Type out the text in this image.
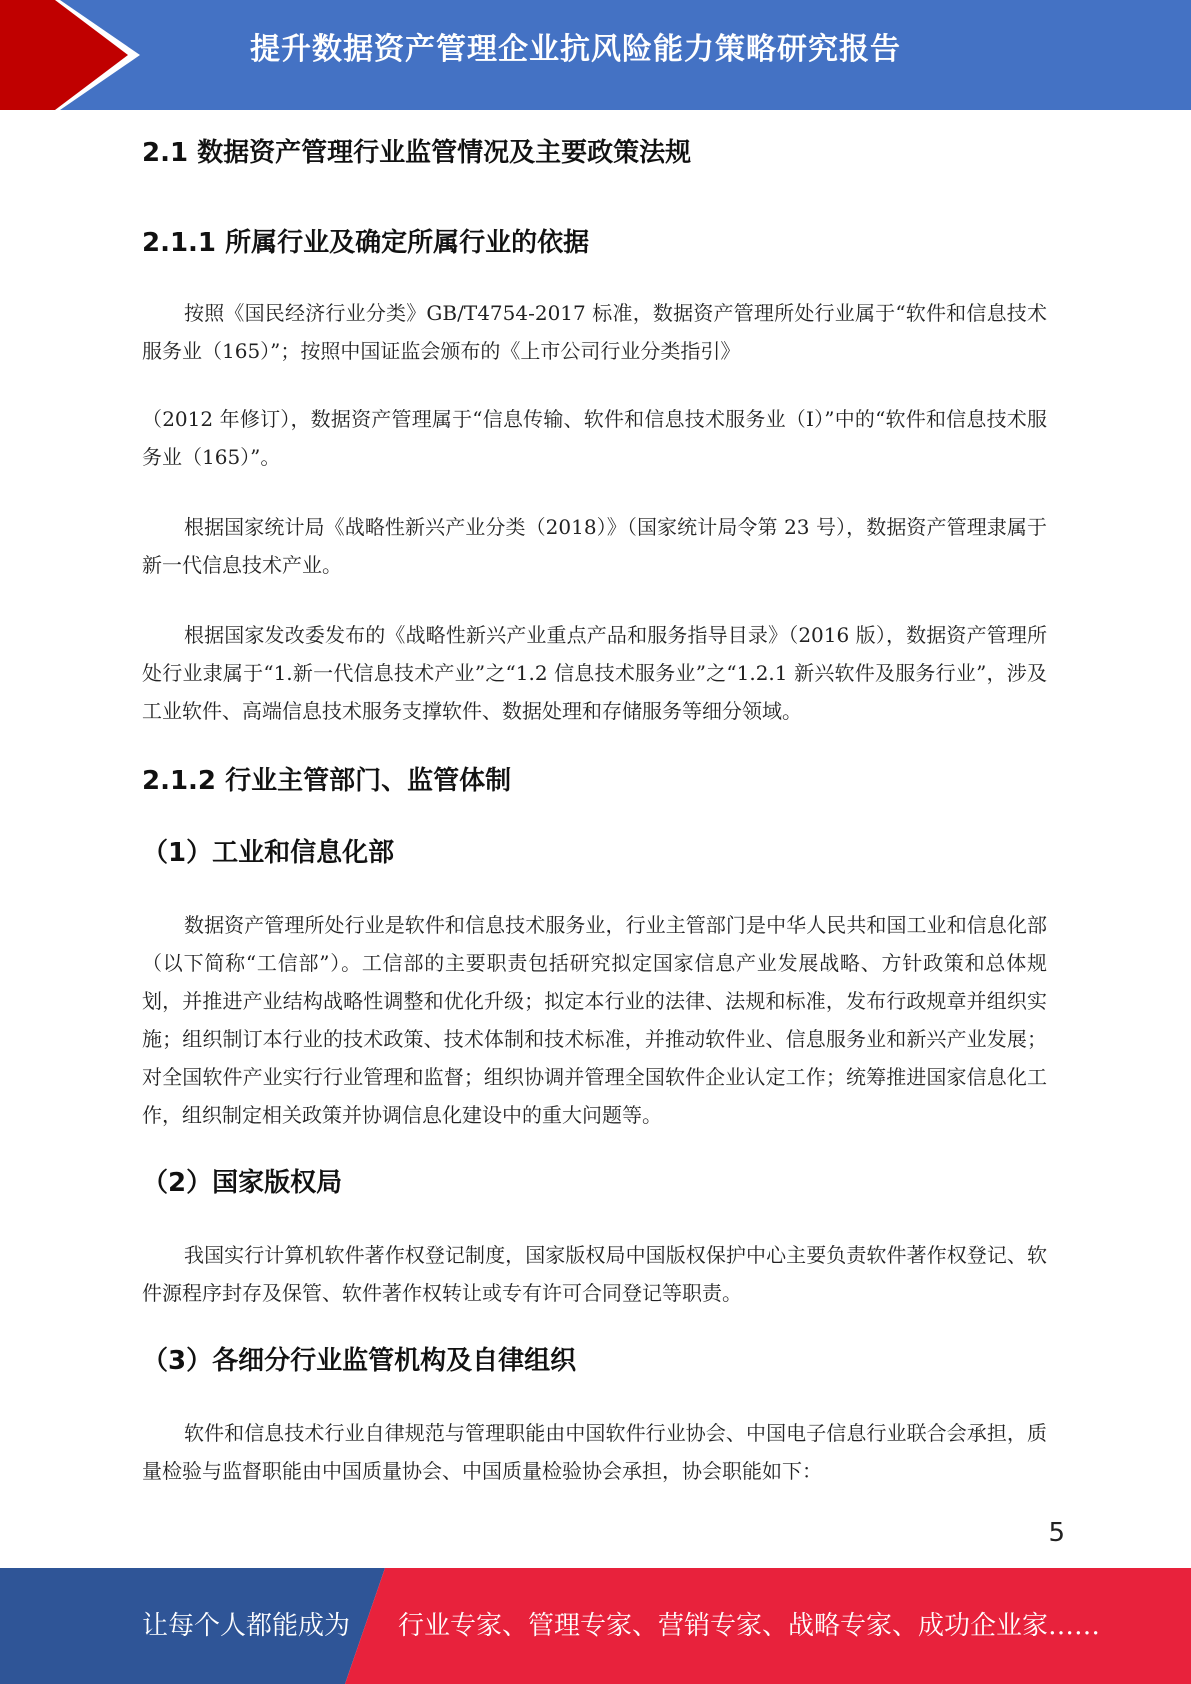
提升数据资产管理企业抗风险能力策略研究报告
2.1 数据资产管理行业监管情况及主要政策法规
2.1.1 所属行业及确定所属行业的依据

按照《国民经济行业分类》GB/T4754-2017 标准，数据资产管理所处行业属于“软件和信息技术服务业（165）”；按照中国证监会颁布的《上市公司行业分类指引》

（2012 年修订），数据资产管理属于“信息传输、软件和信息技术服务业（I）”中的“软件和信息技术服务业（165）”。

根据国家统计局《战略性新兴产业分类（2018）》（国家统计局令第 23 号），数据资产管理隶属于新一代信息技术产业。

根据国家发改委发布的《战略性新兴产业重点产品和服务指导目录》（2016 版），数据资产管理所处行业隶属于“1.新一代信息技术产业”之“1.2 信息技术服务业”之“1.2.1 新兴软件及服务行业”，涉及工业软件、高端信息技术服务支撑软件、数据处理和存储服务等细分领域。

2.1.2 行业主管部门、监管体制
（1）工业和信息化部

数据资产管理所处行业是软件和信息技术服务业，行业主管部门是中华人民共和国工业和信息化部（以下简称“工信部”）。工信部的主要职责包括研究拟定国家信息产业发展战略、方针政策和总体规划，并推进产业结构战略性调整和优化升级；拟定本行业的法律、法规和标准，发布行政规章并组织实施；组织制订本行业的技术政策、技术体制和技术标准，并推动软件业、信息服务业和新兴产业发展；对全国软件产业实行行业管理和监督；组织协调并管理全国软件企业认定工作；统筹推进国家信息化工作，组织制定相关政策并协调信息化建设中的重大问题等。

（2）国家版权局

我国实行计算机软件著作权登记制度，国家版权局中国版权保护中心主要负责软件著作权登记、软件源程序封存及保管、软件著作权转让或专有许可合同登记等职责。

（3）各细分行业监管机构及自律组织

软件和信息技术行业自律规范与管理职能由中国软件行业协会、中国电子信息行业联合会承担，质量检验与监督职能由中国质量协会、中国质量检验协会承担，协会职能如下：

5
让每个人都能成为 行业专家、管理专家、营销专家、战略专家、成功企业家……
